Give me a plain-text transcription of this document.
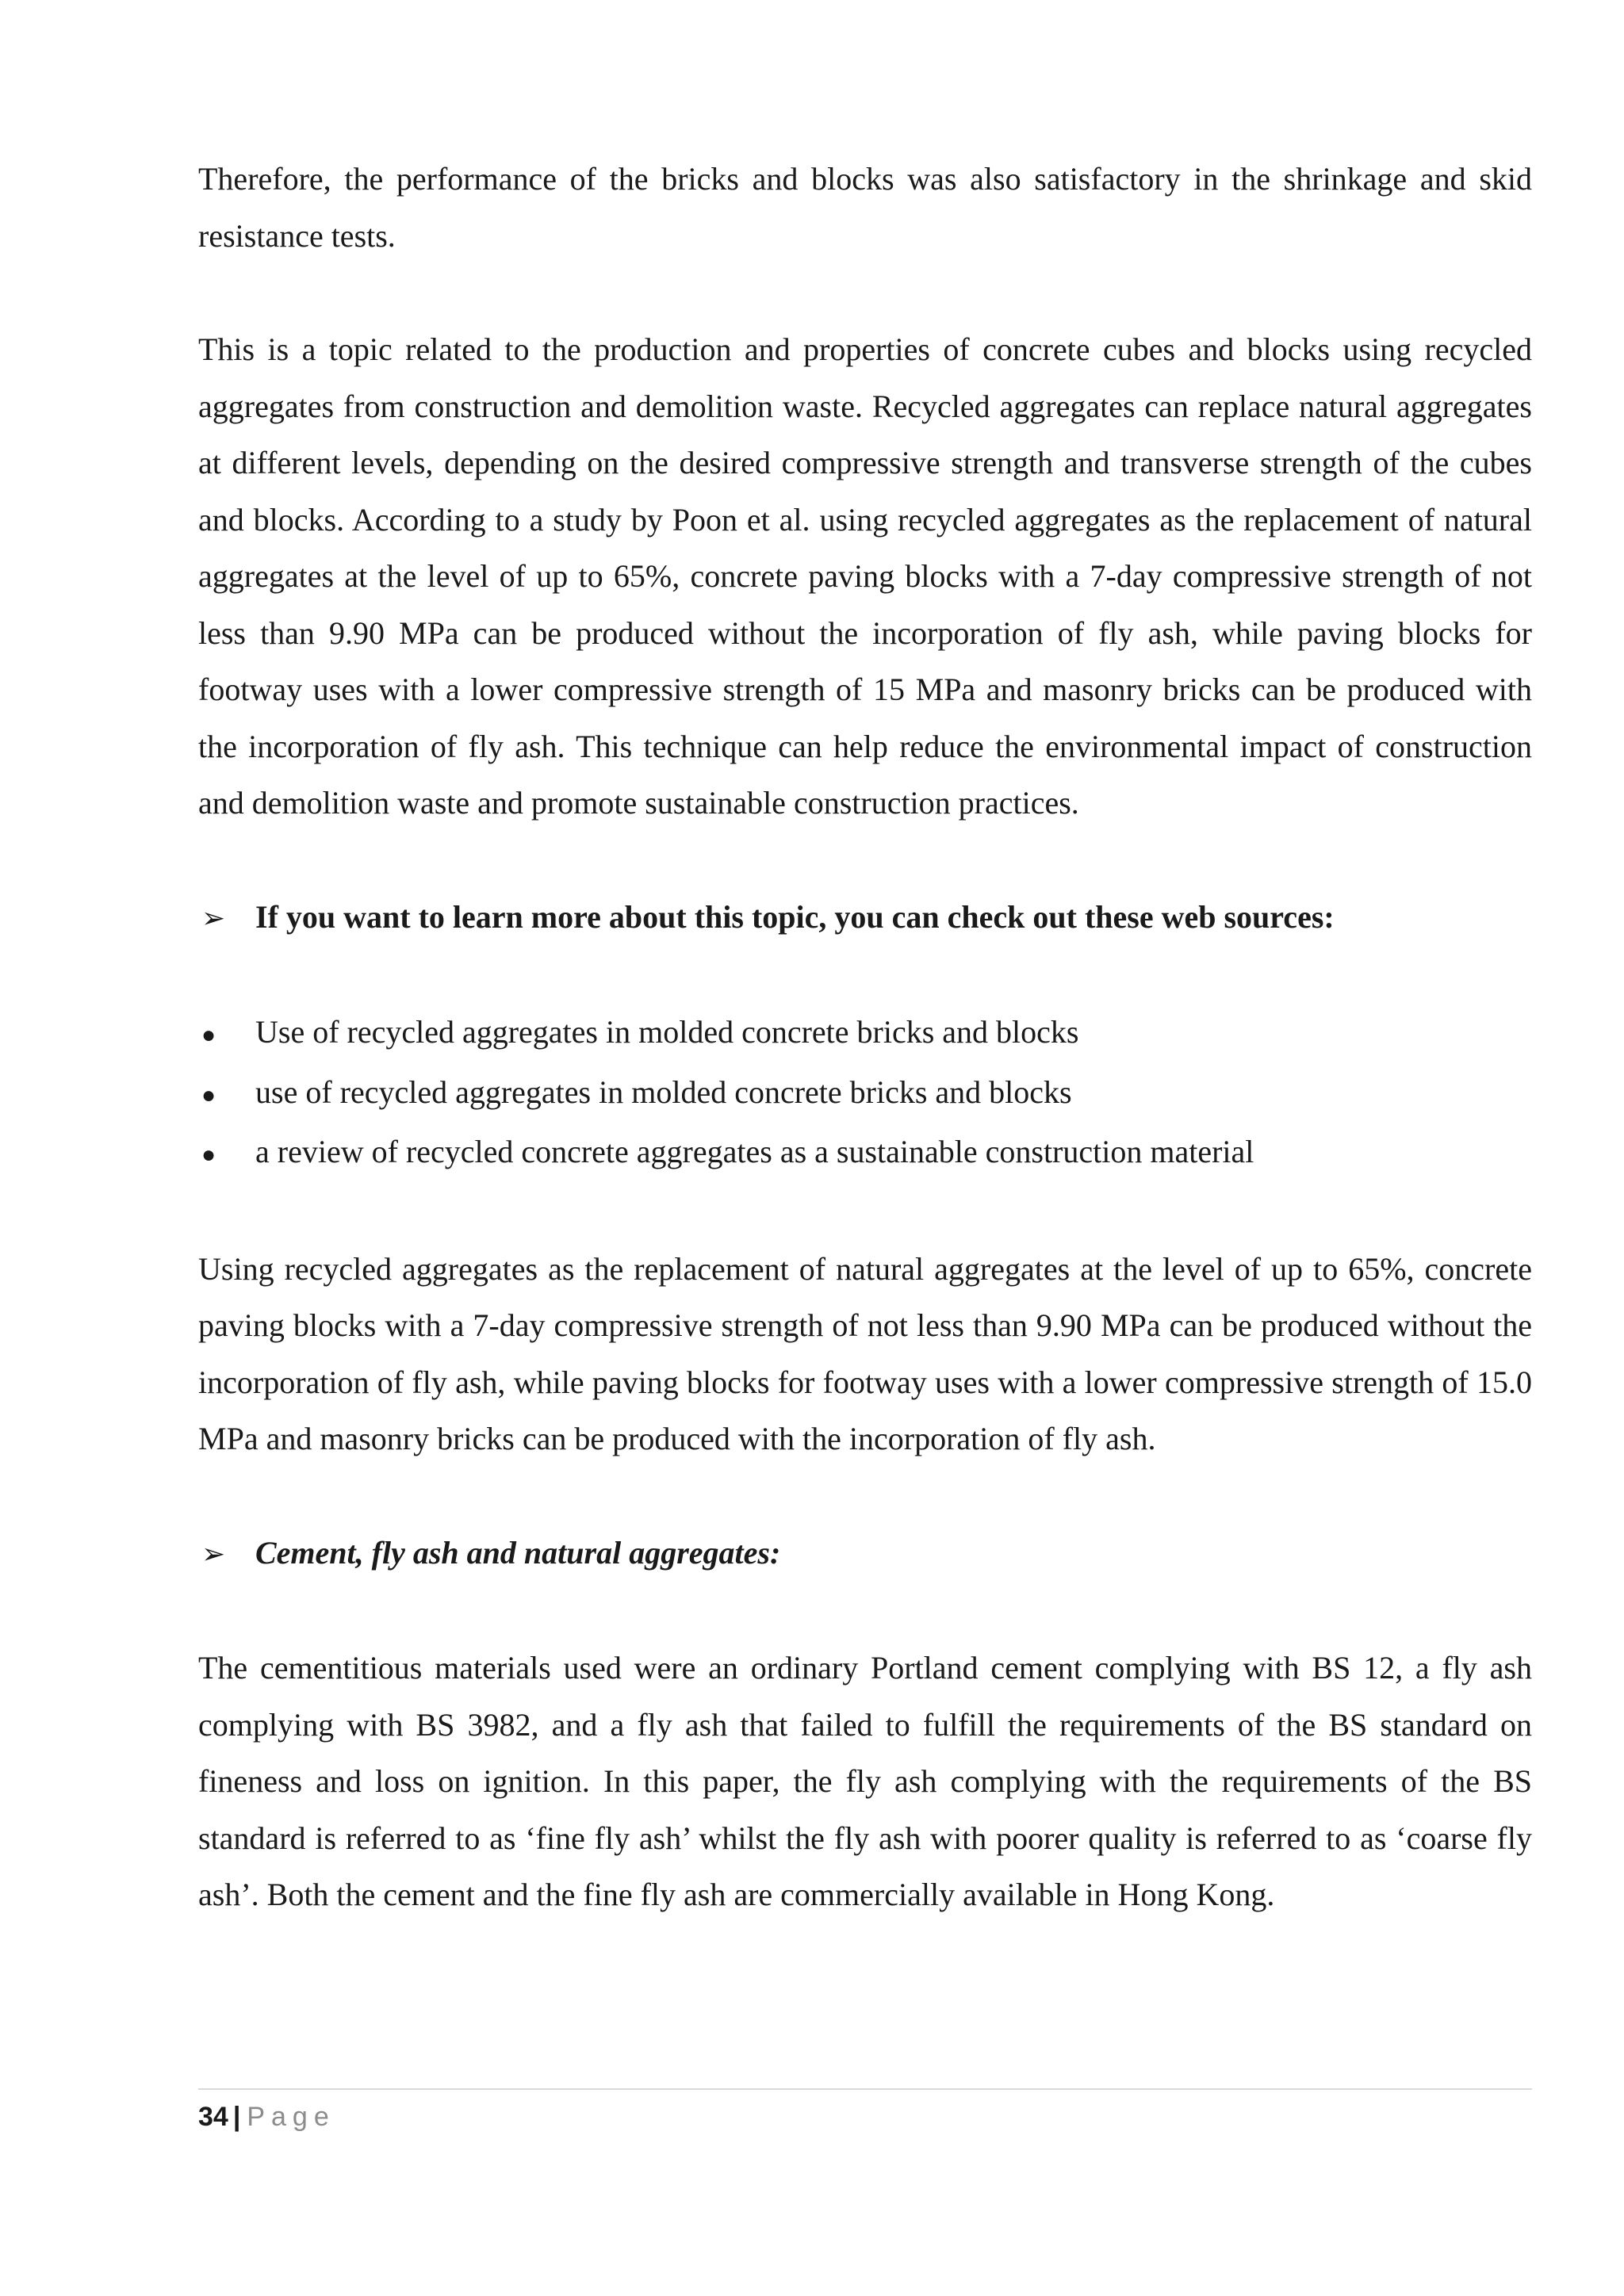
Therefore, the performance of the bricks and blocks was also satisfactory in the shrinkage and skid resistance tests.

This is a topic related to the production and properties of concrete cubes and blocks using recycled aggregates from construction and demolition waste. Recycled aggregates can replace natural aggregates at different levels, depending on the desired compressive strength and transverse strength of the cubes and blocks. According to a study by Poon et al. using recycled aggregates as the replacement of natural aggregates at the level of up to 65%, concrete paving blocks with a 7-day compressive strength of not less than 9.90 MPa can be produced without the incorporation of fly ash, while paving blocks for footway uses with a lower compressive strength of 15 MPa and masonry bricks can be produced with the incorporation of fly ash. This technique can help reduce the environmental impact of construction and demolition waste and promote sustainable construction practices.

➢ If you want to learn more about this topic, you can check out these web sources:
●	Use of recycled aggregates in molded concrete bricks and blocks
●	use of recycled aggregates in molded concrete bricks and blocks
●	a review of recycled concrete aggregates as a sustainable construction material

Using recycled aggregates as the replacement of natural aggregates at the level of up to 65%, concrete paving blocks with a 7-day compressive strength of not less than 9.90 MPa can be produced without the incorporation of fly ash, while paving blocks for footway uses with a lower compressive strength of 15.0 MPa and masonry bricks can be produced with the incorporation of fly ash.

➢ Cement, fly ash and natural aggregates:

The cementitious materials used were an ordinary Portland cement complying with BS 12, a fly ash complying with BS 3982, and a fly ash that failed to fulfill the requirements of the BS standard on fineness and loss on ignition. In this paper, the fly ash complying with the requirements of the BS standard is referred to as ‘fine fly ash’ whilst the fly ash with poorer quality is referred to as ‘coarse fly ash’. Both the cement and the fine fly ash are commercially available in Hong Kong.

34 | Page
